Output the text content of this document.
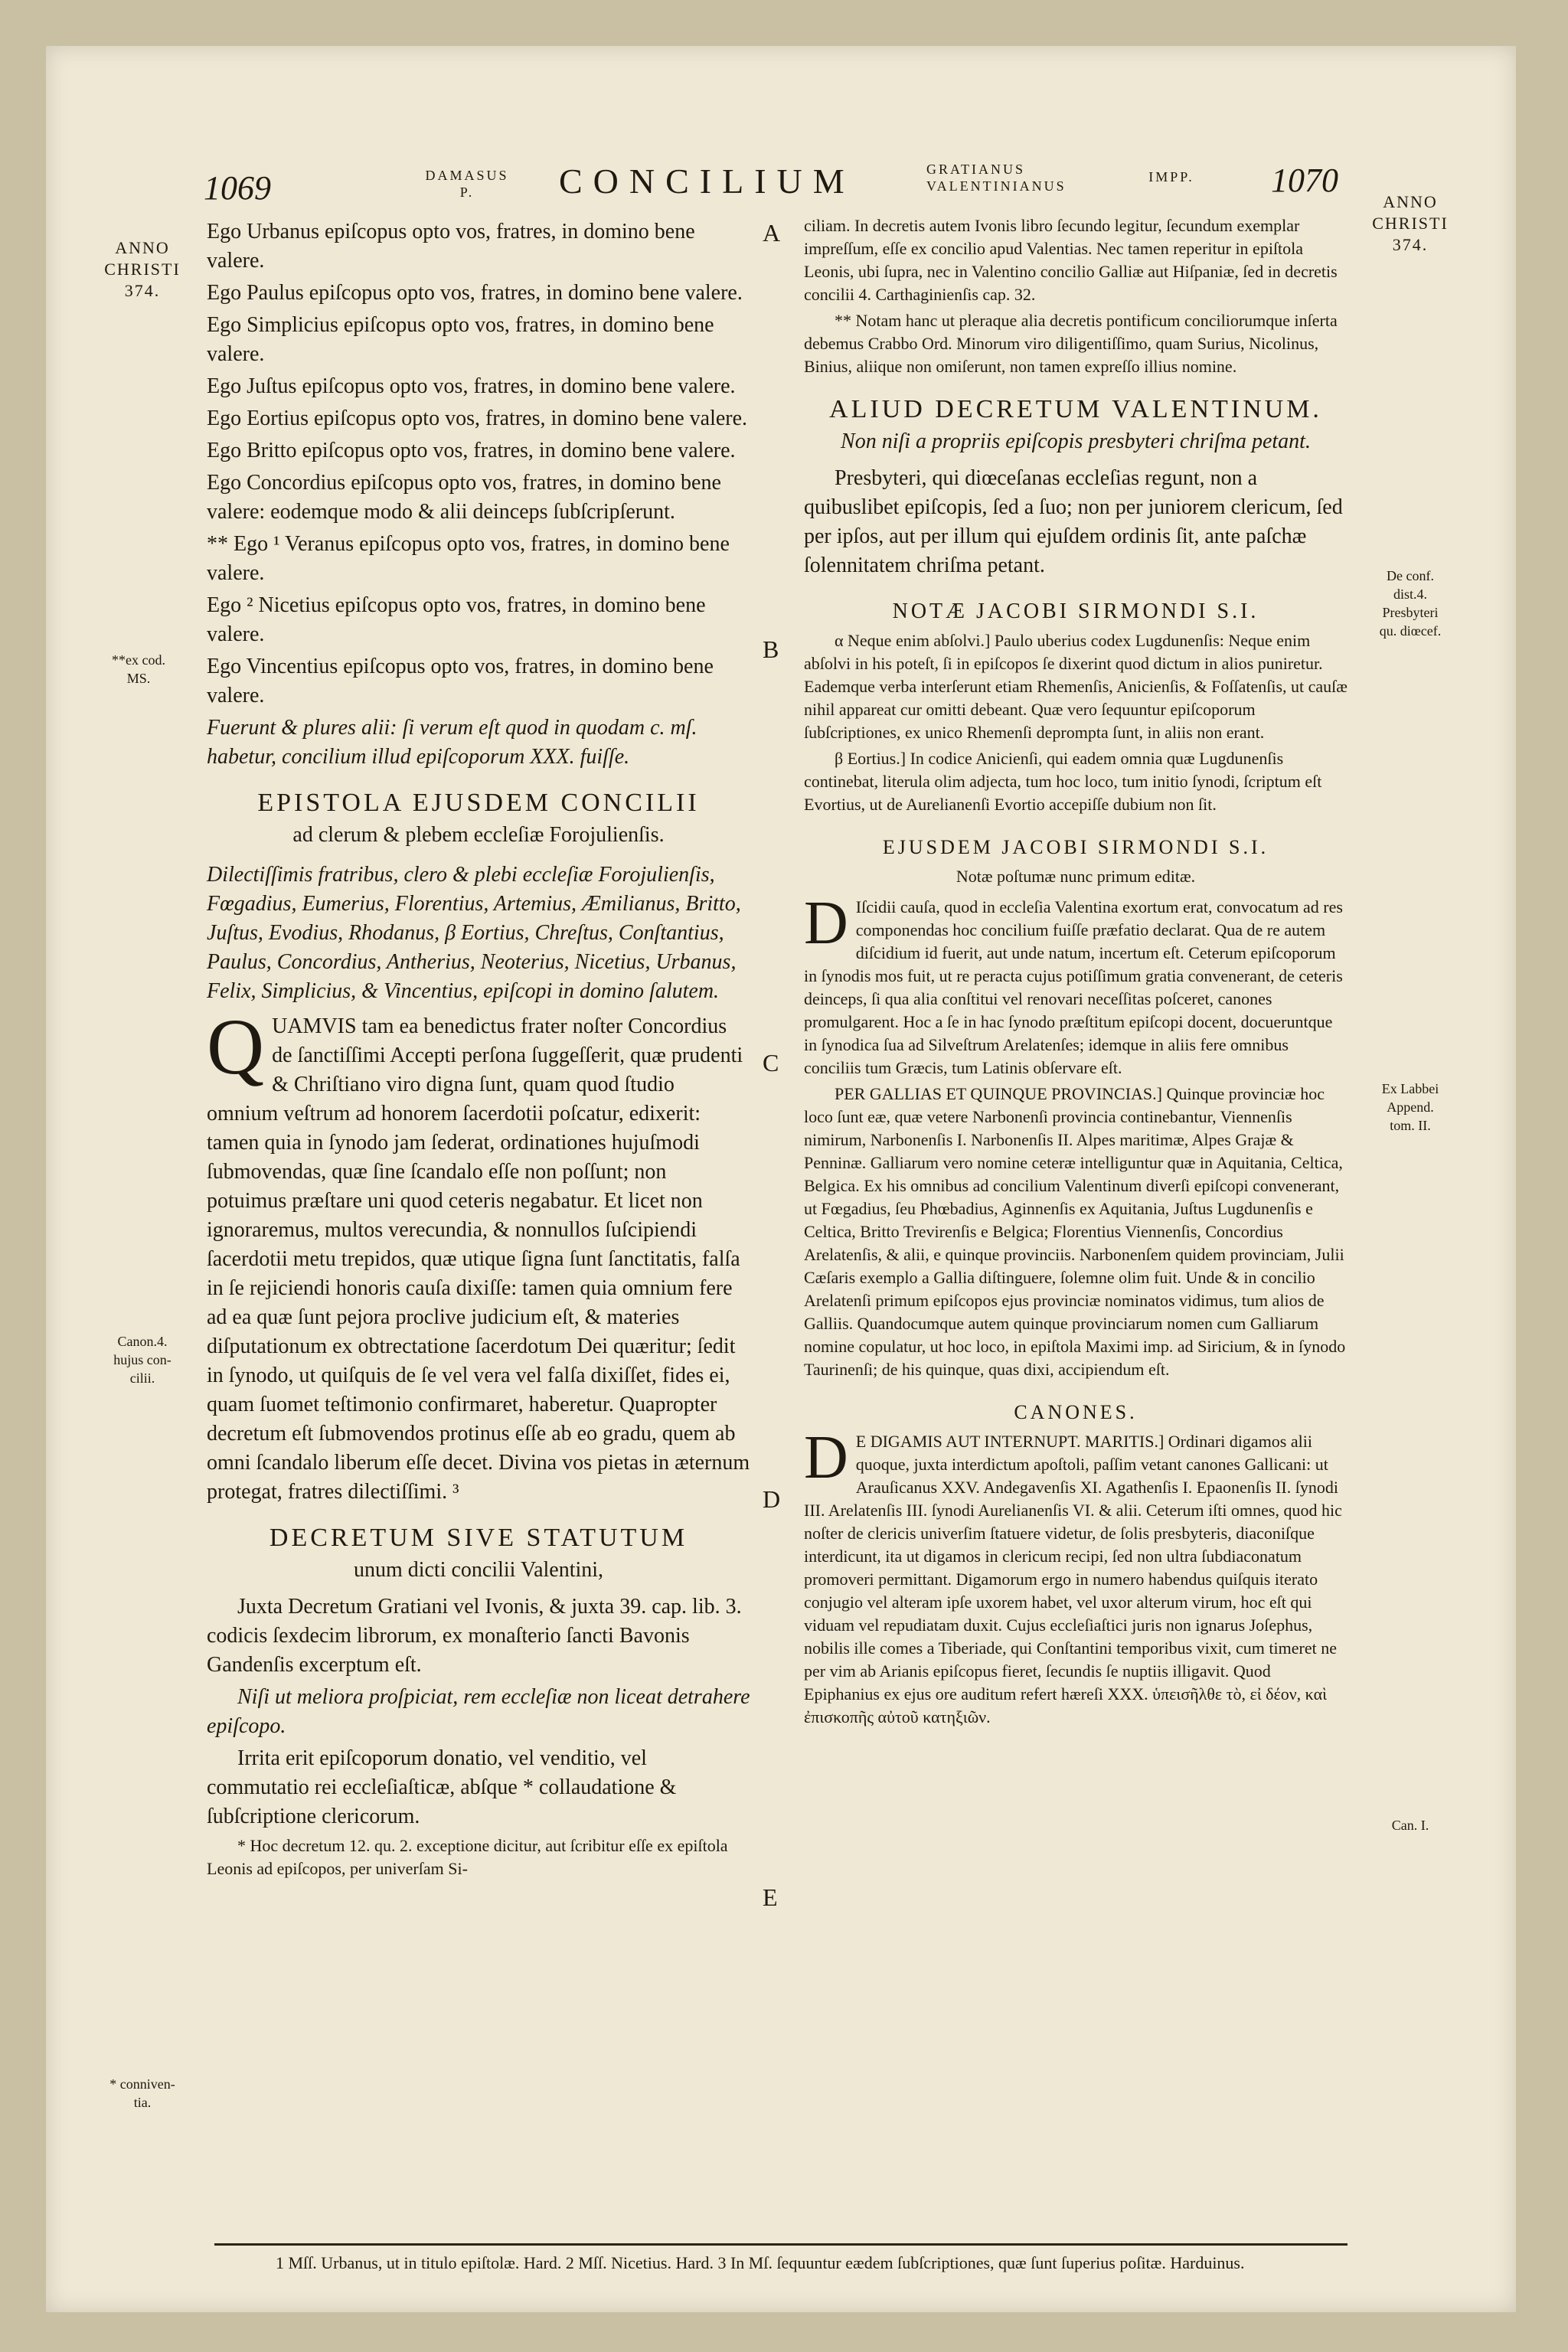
1069	DAMASUS
P.	CONCILIUM	GRATIANUS
VALENTINIANUS
IMPP.	1070
ANNO
CHRISTI
374.
**ex cod.
MS.
Canon.4.
hujus con-
cilii.
* conniven-
tia.
ANNO
CHRISTI
374.
De conf.
dist.4.
Presbyteri
qu. diœcef.
Ex Labbei
Append.
tom. II.
Can. I.
A
B
C
D
E

Ego Urbanus epiſcopus opto vos, fratres, in domino bene valere.

Ego Paulus epiſcopus opto vos, fratres, in domino bene valere.

Ego Simplicius epiſcopus opto vos, fratres, in domino bene valere.

Ego Juſtus epiſcopus opto vos, fratres, in domino bene valere.

Ego Eortius epiſcopus opto vos, fratres, in domino bene valere.

Ego Britto epiſcopus opto vos, fratres, in domino bene valere.

Ego Concordius epiſcopus opto vos, fratres, in domino bene valere: eodemque modo & alii deinceps ſubſcripſerunt.

** Ego ¹ Veranus epiſcopus opto vos, fratres, in domino bene valere.

Ego ² Nicetius epiſcopus opto vos, fratres, in domino bene valere.

Ego Vincentius epiſcopus opto vos, fratres, in domino bene valere.

Fuerunt & plures alii: ſi verum eſt quod in quodam c. mſ. habetur, concilium illud epiſcoporum XXX. fuiſſe.

EPISTOLA EJUSDEM CONCILII
ad clerum & plebem eccleſiæ Forojulienſis.

Dilectiſſimis fratribus, clero & plebi eccleſiæ Forojulienſis, Fœgadius, Eumerius, Florentius, Artemius, Æmilianus, Britto, Juſtus, Evodius, Rhodanus, β Eortius, Chreſtus, Conſtantius, Paulus, Concordius, Antherius, Neoterius, Nicetius, Urbanus, Felix, Simplicius, & Vincentius, epiſcopi in domino ſalutem.

Q UAMVIS tam ea benedictus frater noſter Concordius de ſanctiſſimi Accepti perſona ſuggeſſerit, quæ prudenti & Chriſtiano viro digna ſunt, quam quod ſtudio omnium veſtrum ad honorem ſacerdotii poſcatur, edixerit: tamen quia in ſynodo jam ſederat, ordinationes hujuſmodi ſubmovendas, quæ ſine ſcandalo eſſe non poſſunt; non potuimus præſtare uni quod ceteris negabatur. Et licet non ignoraremus, multos verecundia, & nonnullos ſuſcipiendi ſacerdotii metu trepidos, quæ utique ſigna ſunt ſanctitatis, falſa in ſe rejiciendi honoris cauſa dixiſſe: tamen quia omnium fere ad ea quæ ſunt pejora proclive judicium eſt, & materies diſputationum ex obtrectatione ſacerdotum Dei quæritur; ſedit in ſynodo, ut quiſquis de ſe vel vera vel falſa dixiſſet, fides ei, quam ſuomet teſtimonio confirmaret, haberetur. Quapropter decretum eſt ſubmovendos protinus eſſe ab eo gradu, quem ab omni ſcandalo liberum eſſe decet. Divina vos pietas in æternum protegat, fratres dilectiſſimi. ³

DECRETUM SIVE STATUTUM
unum dicti concilii Valentini,

Juxta Decretum Gratiani vel Ivonis, & juxta 39. cap. lib. 3. codicis ſexdecim librorum, ex monaſterio ſancti Bavonis Gandenſis excerptum eſt.

Niſi ut meliora proſpiciat, rem eccleſiæ non liceat detrahere epiſcopo.

Irrita erit epiſcoporum donatio, vel venditio, vel commutatio rei eccleſiaſticæ, abſque * collaudatione & ſubſcriptione clericorum.

* Hoc decretum 12. qu. 2. exceptione dicitur, aut ſcribitur eſſe ex epiſtola Leonis ad epiſcopos, per univerſam Si-

ciliam. In decretis autem Ivonis libro ſecundo legitur, ſecundum exemplar impreſſum, eſſe ex concilio apud Valentias. Nec tamen reperitur in epiſtola Leonis, ubi ſupra, nec in Valentino concilio Galliæ aut Hiſpaniæ, ſed in decretis concilii 4. Carthaginienſis cap. 32.

** Notam hanc ut pleraque alia decretis pontificum conciliorumque inſerta debemus Crabbo Ord. Minorum viro diligentiſſimo, quam Surius, Nicolinus, Binius, aliique non omiſerunt, non tamen expreſſo illius nomine.

ALIUD DECRETUM VALENTINUM.
Non niſi a propriis epiſcopis presbyteri chriſma petant.

Presbyteri, qui diœceſanas eccleſias regunt, non a quibuslibet epiſcopis, ſed a ſuo; non per juniorem clericum, ſed per ipſos, aut per illum qui ejuſdem ordinis ſit, ante paſchæ ſolennitatem chriſma petant.

NOTÆ JACOBI SIRMONDI S.I.

α Neque enim abſolvi.] Paulo uberius codex Lugdunenſis: Neque enim abſolvi in his poteſt, ſi in epiſcopos ſe dixerint quod dictum in alios puniretur. Eademque verba interſerunt etiam Rhemenſis, Anicienſis, & Foſſatenſis, ut cauſæ nihil appareat cur omitti debeant. Quæ vero ſequuntur epiſcoporum ſubſcriptiones, ex unico Rhemenſi deprompta ſunt, in aliis non erant.

β Eortius.] In codice Anicienſi, qui eadem omnia quæ Lugdunenſis continebat, literula olim adjecta, tum hoc loco, tum initio ſynodi, ſcriptum eſt Evortius, ut de Aurelianenſi Evortio accepiſſe dubium non ſit.

EJUSDEM JACOBI SIRMONDI S.I.
Notæ poſtumæ nunc primum editæ.

D Iſcidii cauſa, quod in eccleſia Valentina exortum erat, convocatum ad res componendas hoc concilium fuiſſe præfatio declarat. Qua de re autem diſcidium id fuerit, aut unde natum, incertum eſt. Ceterum epiſcoporum in ſynodis mos fuit, ut re peracta cujus potiſſimum gratia convenerant, de ceteris deinceps, ſi qua alia conſtitui vel renovari neceſſitas poſceret, canones promulgarent. Hoc a ſe in hac ſynodo præſtitum epiſcopi docent, docueruntque in ſynodica ſua ad Silveſtrum Arelatenſes; idemque in aliis fere omnibus conciliis tum Græcis, tum Latinis obſervare eſt.

PER GALLIAS ET QUINQUE PROVINCIAS.] Quinque provinciæ hoc loco ſunt eæ, quæ vetere Narbonenſi provincia continebantur, Viennenſis nimirum, Narbonenſis I. Narbonenſis II. Alpes maritimæ, Alpes Grajæ & Penninæ. Galliarum vero nomine ceteræ intelliguntur quæ in Aquitania, Celtica, Belgica. Ex his omnibus ad concilium Valentinum diverſi epiſcopi convenerant, ut Fœgadius, ſeu Phœbadius, Aginnenſis ex Aquitania, Juſtus Lugdunenſis e Celtica, Britto Trevirenſis e Belgica; Florentius Viennenſis, Concordius Arelatenſis, & alii, e quinque provinciis. Narbonenſem quidem provinciam, Julii Cæſaris exemplo a Gallia diſtinguere, ſolemne olim fuit. Unde & in concilio Arelatenſi primum epiſcopos ejus provinciæ nominatos vidimus, tum alios de Galliis. Quandocumque autem quinque provinciarum nomen cum Galliarum nomine copulatur, ut hoc loco, in epiſtola Maximi imp. ad Siricium, & in ſynodo Taurinenſi; de his quinque, quas dixi, accipiendum eſt.

CANONES.

D E DIGAMIS AUT INTERNUPT. MARITIS.] Ordinari digamos alii quoque, juxta interdictum apoſtoli, paſſim vetant canones Gallicani: ut Arauſicanus XXV. Andegavenſis XI. Agathenſis I. Epaonenſis II. ſynodi III. Arelatenſis III. ſynodi Aurelianenſis VI. & alii. Ceterum iſti omnes, quod hic noſter de clericis univerſim ſtatuere videtur, de ſolis presbyteris, diaconiſque interdicunt, ita ut digamos in clericum recipi, ſed non ultra ſubdiaconatum promoveri permittant. Digamorum ergo in numero habendus quiſquis iterato conjugio vel alteram ipſe uxorem habet, vel uxor alterum virum, hoc eſt qui viduam vel repudiatam duxit. Cujus eccleſiaſtici juris non ignarus Joſephus, nobilis ille comes a Tiberiade, qui Conſtantini temporibus vixit, cum timeret ne per vim ab Arianis epiſcopus fieret, ſecundis ſe nuptiis illigavit. Quod Epiphanius ex ejus ore auditum refert hæreſi XXX. ὑπεισῆλθε τὸ, εἰ δέον, καὶ ἐπισκοπῆς αὐτοῦ κατηξιῶν.

1 Mſſ. Urbanus, ut in titulo epiſtolæ. Hard. 2 Mſſ. Nicetius. Hard. 3 In Mſ. ſequuntur eædem ſubſcriptiones, quæ ſunt ſuperius poſitæ. Harduinus.
